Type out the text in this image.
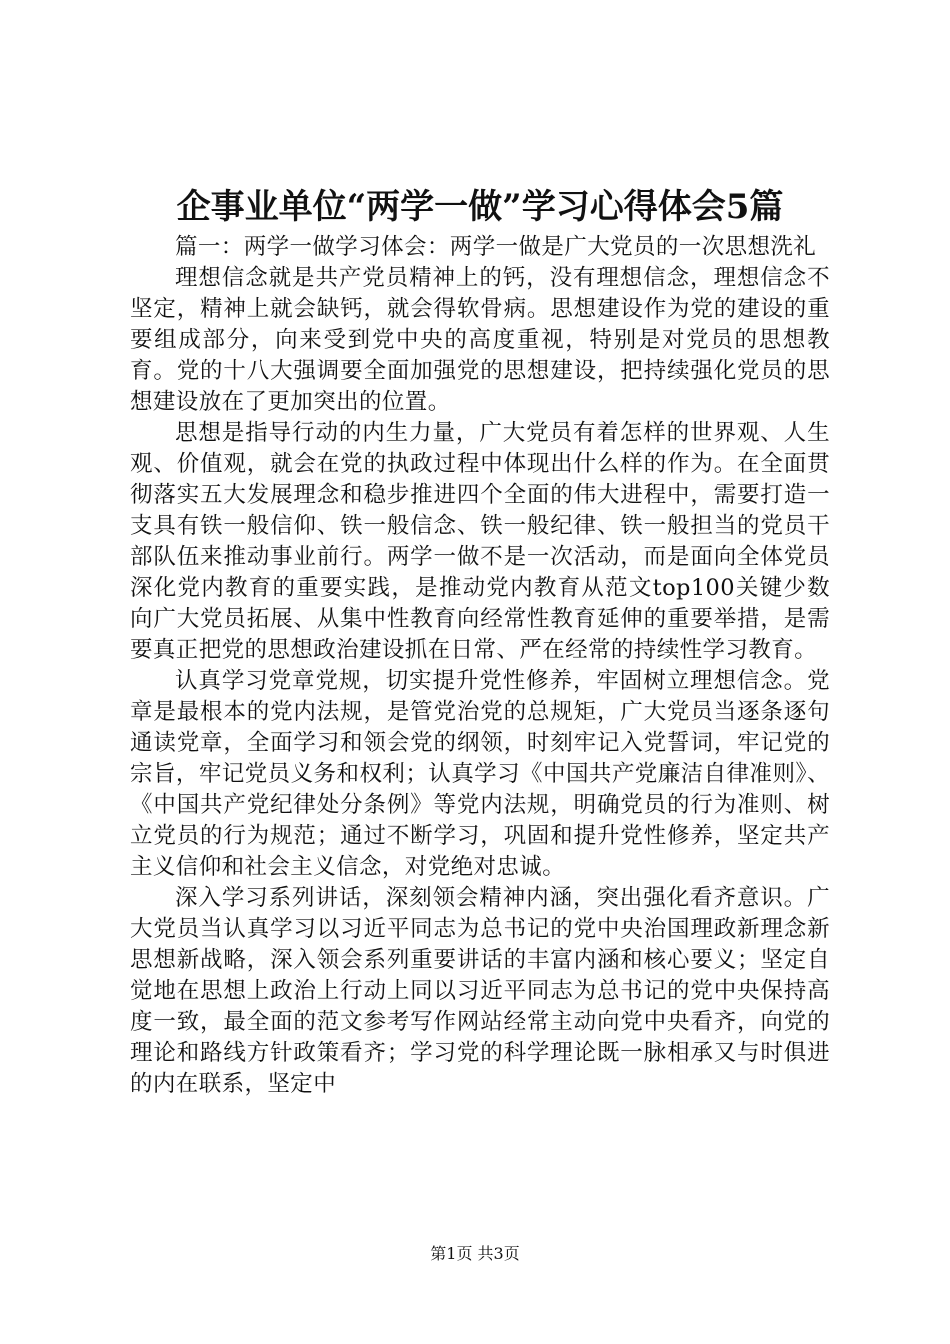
企事业单位“两学一做”学习心得体会5篇

篇一：两学一做学习体会：两学一做是广大党员的一次思想洗礼

理想信念就是共产党员精神上的钙，没有理想信念，理想信念不坚定，精神上就会缺钙，就会得软骨病。思想建设作为党的建设的重要组成部分，向来受到党中央的高度重视，特别是对党员的思想教育。党的十八大强调要全面加强党的思想建设，把持续强化党员的思想建设放在了更加突出的位置。

思想是指导行动的内生力量，广大党员有着怎样的世界观、人生观、价值观，就会在党的执政过程中体现出什么样的作为。在全面贯彻落实五大发展理念和稳步推进四个全面的伟大进程中，需要打造一支具有铁一般信仰、铁一般信念、铁一般纪律、铁一般担当的党员干部队伍来推动事业前行。两学一做不是一次活动，而是面向全体党员深化党内教育的重要实践，是推动党内教育从范文top100关键少数向广大党员拓展、从集中性教育向经常性教育延伸的重要举措，是需要真正把党的思想政治建设抓在日常、严在经常的持续性学习教育。

认真学习党章党规，切实提升党性修养，牢固树立理想信念。党章是最根本的党内法规，是管党治党的总规矩，广大党员当逐条逐句通读党章，全面学习和领会党的纲领，时刻牢记入党誓词，牢记党的宗旨，牢记党员义务和权利；认真学习《中国共产党廉洁自律准则》、《中国共产党纪律处分条例》等党内法规，明确党员的行为准则、树立党员的行为规范；通过不断学习，巩固和提升党性修养，坚定共产主义信仰和社会主义信念，对党绝对忠诚。

深入学习系列讲话，深刻领会精神内涵，突出强化看齐意识。广大党员当认真学习以习近平同志为总书记的党中央治国理政新理念新思想新战略，深入领会系列重要讲话的丰富内涵和核心要义；坚定自觉地在思想上政治上行动上同以习近平同志为总书记的党中央保持高度一致，最全面的范文参考写作网站经常主动向党中央看齐，向党的理论和路线方针政策看齐；学习党的科学理论既一脉相承又与时俱进的内在联系，坚定中

第1页 共3页
